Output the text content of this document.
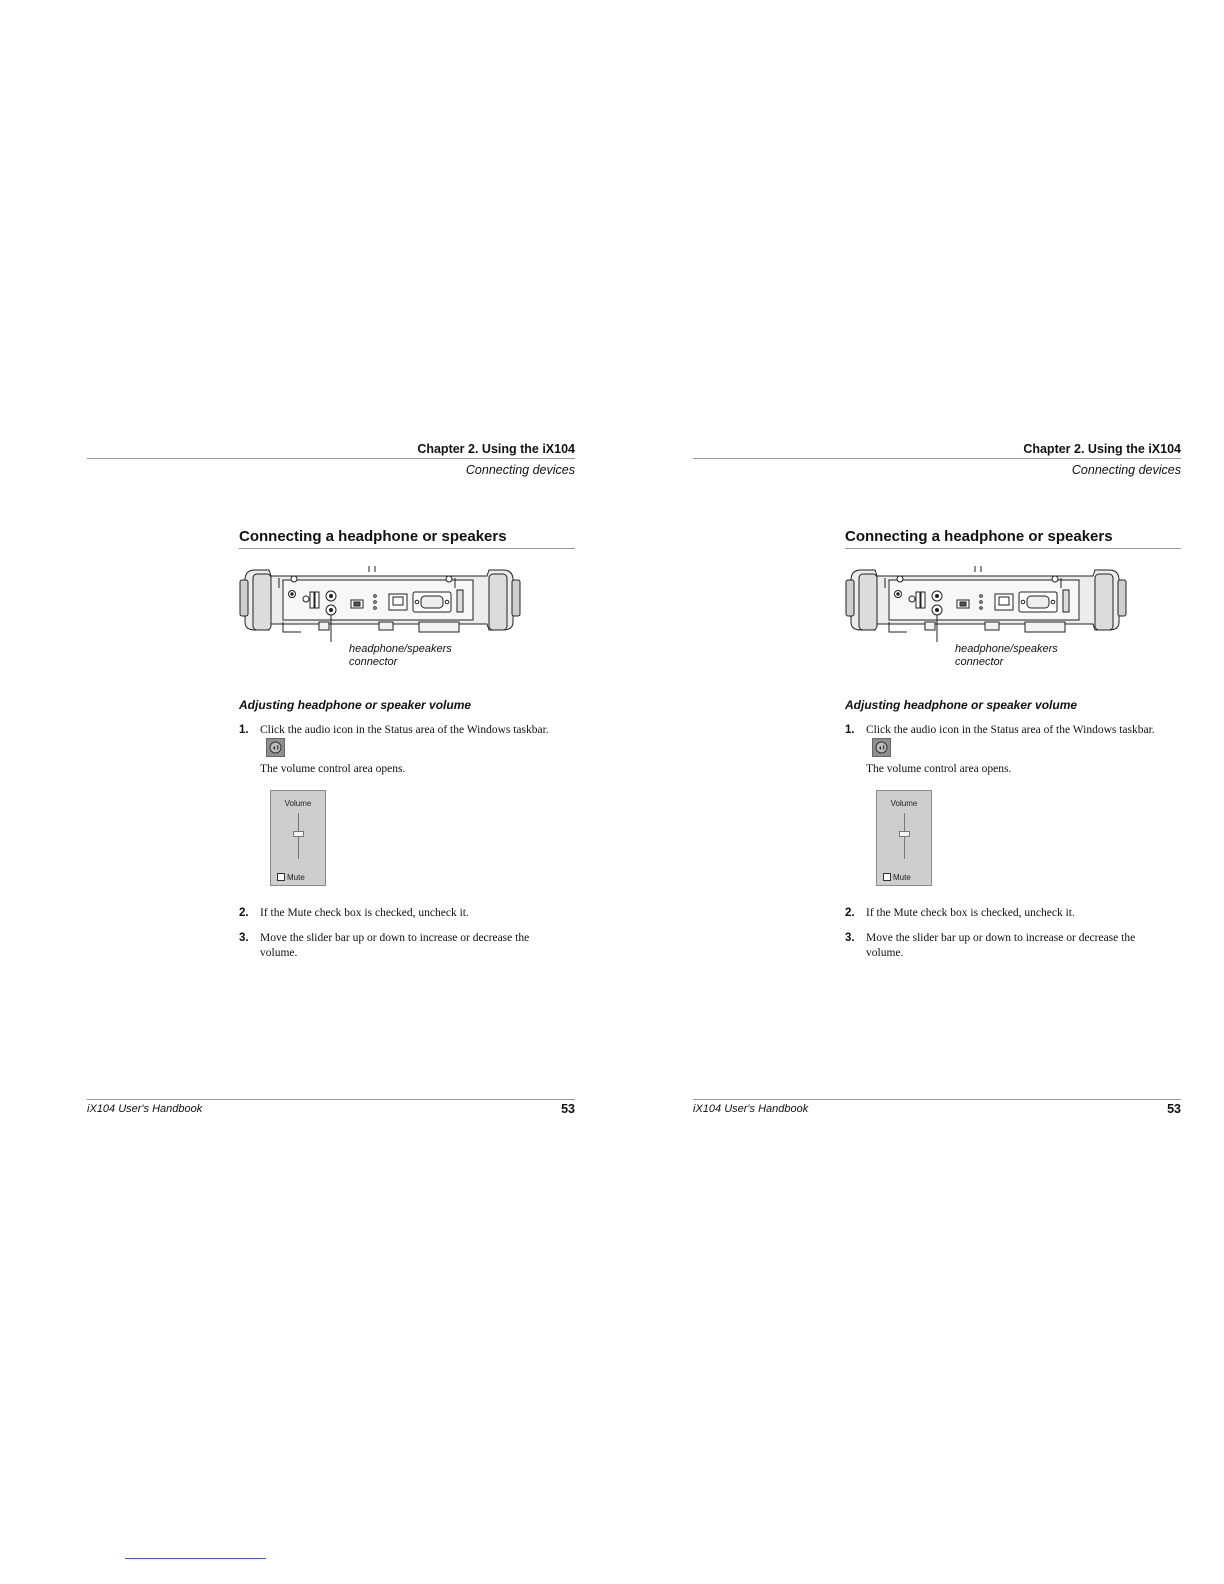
Chapter 2. Using the iX104
Connecting devices
Connecting a headphone or speakers
headphone/speakers
connector
Adjusting headphone or speaker volume
1. Click the audio icon in the Status area of the Windows taskbar.
The volume control area opens.
Volume
Mute
2. If the Mute check box is checked, uncheck it.
3. Move the slider bar up or down to increase or decrease the volume.
iX104 User's Handbook	53
Chapter 2. Using the iX104
Connecting devices
Connecting a headphone or speakers
headphone/speakers
connector
Adjusting headphone or speaker volume
1. Click the audio icon in the Status area of the Windows taskbar.
The volume control area opens.
Volume
Mute
2. If the Mute check box is checked, uncheck it.
3. Move the slider bar up or down to increase or decrease the volume.
iX104 User's Handbook	53
